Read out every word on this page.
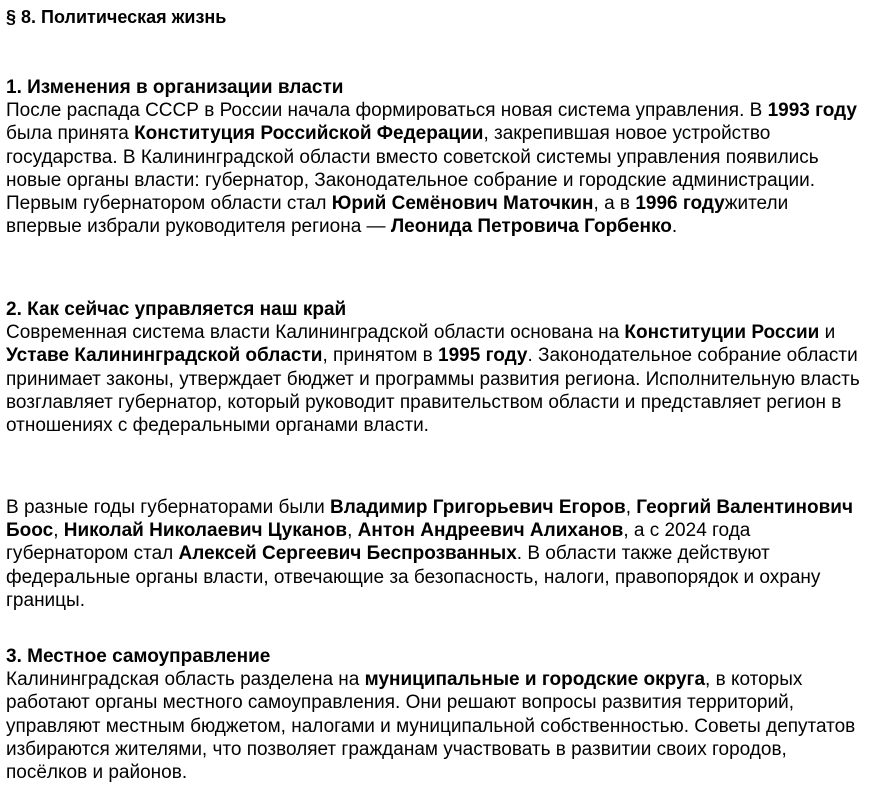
§ 8. Политическая жизнь
1. Изменения в организации власти

После распада СССР в России начала формироваться новая система управления. В 1993 году была принята Конституция Российской Федерации, закрепившая новое устройство государства. В Калининградской области вместо советской системы управления появились новые органы власти: губернатор, Законодательное собрание и городские администрации. Первым губернатором области стал Юрий Семёнович Маточкин, а в 1996 годужители впервые избрали руководителя региона — Леонида Петровича Горбенко.

2. Как сейчас управляется наш край

Современная система власти Калининградской области основана на Конституции России и Уставе Калининградской области, принятом в 1995 году. Законодательное собрание области принимает законы, утверждает бюджет и программы развития региона. Исполнительную власть возглавляет губернатор, который руководит правительством области и представляет регион в отношениях с федеральными органами власти.

В разные годы губернаторами были Владимир Григорьевич Егоров, Георгий Валентинович Боос, Николай Николаевич Цуканов, Антон Андреевич Алиханов, а с 2024 года губернатором стал Алексей Сергеевич Беспрозванных. В области также действуют федеральные органы власти, отвечающие за безопасность, налоги, правопорядок и охрану границы.

3. Местное самоуправление

Калининградская область разделена на муниципальные и городские округа, в которых работают органы местного самоуправления. Они решают вопросы развития территорий, управляют местным бюджетом, налогами и муниципальной собственностью. Советы депутатов избираются жителями, что позволяет гражданам участвовать в развитии своих городов, посёлков и районов.
